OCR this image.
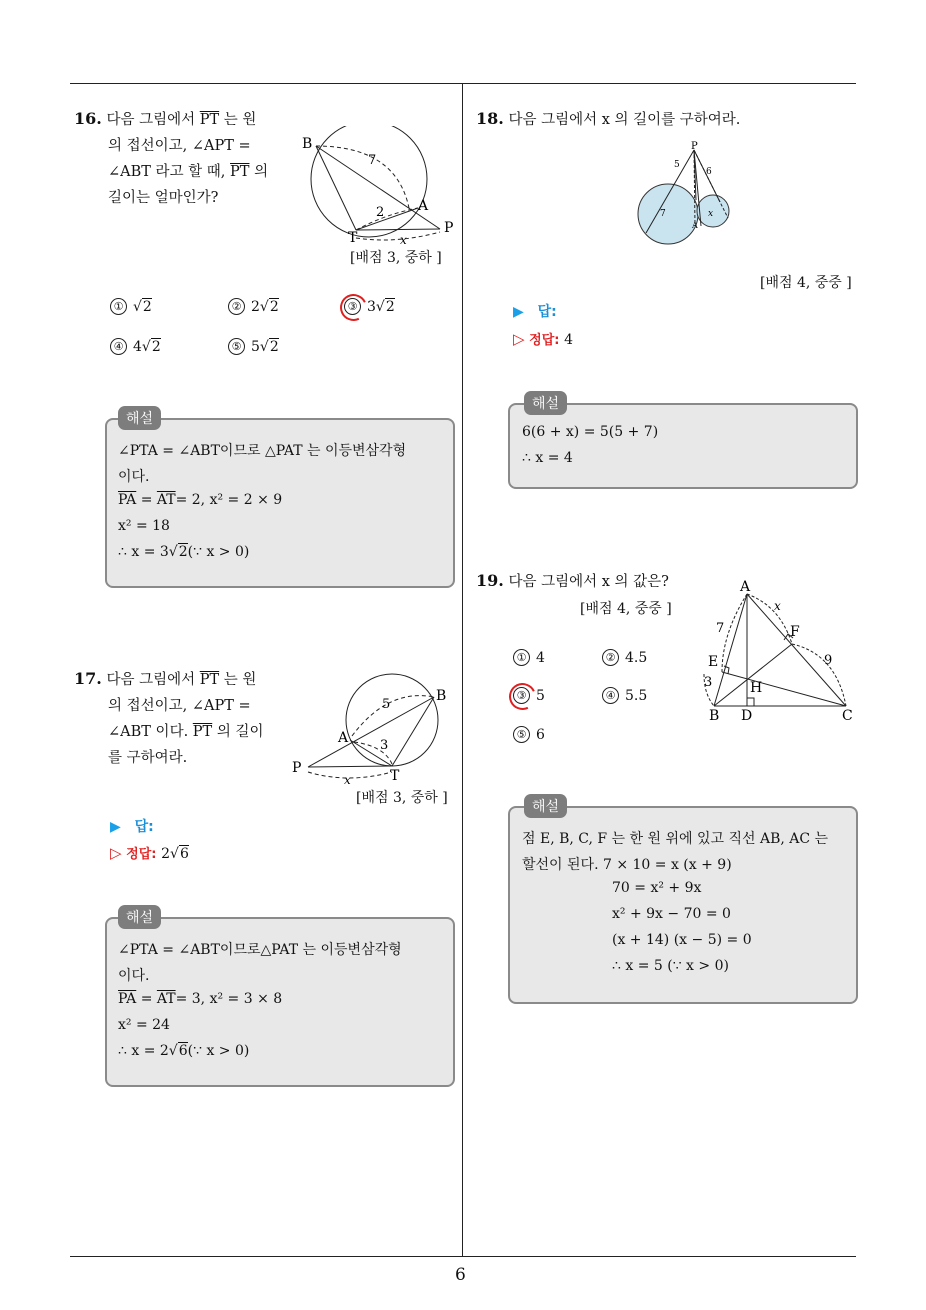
6
16. 다음 그림에서 $\overline{PT}$ 는 원
의 접선이고, ∠APT =
∠ABT 라고 할 때, $\overline{PT}$ 의
길이는 얼마인가?
B
7
2 A
T
P
x
[배점 3, 중하 ]
① √2	② 2√2	③ 3√2
④ 4√2	⑤ 5√2
해설
∠PTA = ∠ABT이므로 △PAT 는 이등변삼각형
이다.
$\overline{PA} = \overline{AT}= 2$, x² = 2 × 9
x² = 18
∴ x = 3√2(∵ x > 0)
17. 다음 그림에서 $\overline{PT}$ 는 원
의 접선이고, ∠APT =
∠ABT 이다. $\overline{PT}$ 의 길이
를 구하여라.
B
5
A 3
P	T
x
[배점 3, 중하 ]
▶ 답:
▷ 정답: 2√6
해설
∠PTA = ∠ABT이므로△PAT 는 이등변삼각형
이다.
$\overline{PA} = \overline{AT}= 3$, x² = 3 × 8
x² = 24
∴ x = 2√6(∵ x > 0)
18. 다음 그림에서 x 의 길이를 구하여라.
P
5
6
7
A
x
[배점 4, 중중 ]
▶ 답:
▷ 정답: 4
해설
6(6 + x) = 5(5 + 7)
∴ x = 4
19. 다음 그림에서 x 의 값은?
[배점 4, 중중 ]
A
7
x
F
E	9
3	H
B D	C
① 4	② 4.5
③ 5	④ 5.5
⑤ 6
해설
점 E, B, C, F 는 한 원 위에 있고 직선 AB, AC 는
할선이 된다. 7 × 10 = x (x + 9)
70 = x² + 9x
x² + 9x − 70 = 0
(x + 14) (x − 5) = 0
∴ x = 5 (∵ x > 0)
